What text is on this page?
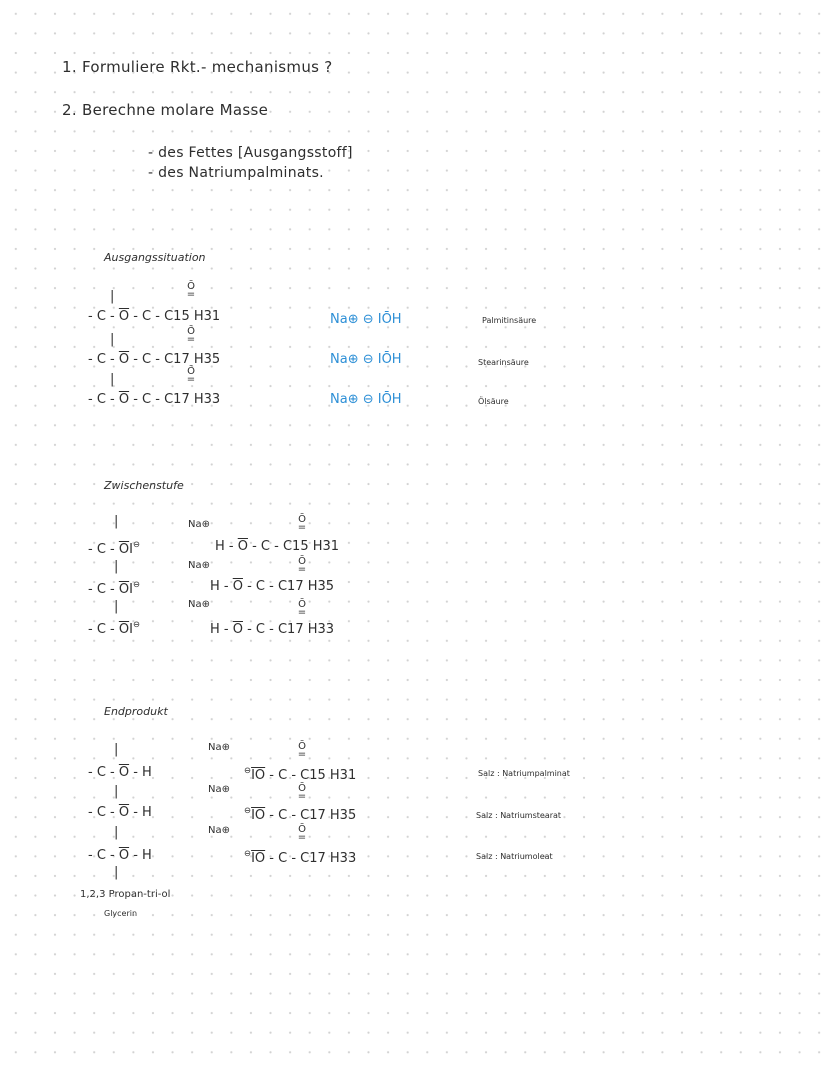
1. Formuliere Rkt.- mechanismus ?
2. Berechne molare Masse
- des Fettes [Ausgangsstoff]
- des Natriumpalminats.
Ausgangssituation
|
|
|
Ō
=
Ō
=
Ō
=
- C - $\overline{O}$ - C - C15 H31
- C - $\overline{O}$ - C - C17 H35
- C - $\overline{O}$ - C - C17 H33
Na⊕ ⊖ IŌH
Na⊕ ⊖ IŌH
Na⊕ ⊖ IŌH
Palmitinsäure
Stearinsäure
Ölsäure
Zwischenstufe
|
|
|
Ō
=
Ō
=
Ō
=
Na⊕
Na⊕
Na⊕
- C - $\overline{O}I^⊖$
- C - $\overline{O}I^⊖$
- C - $\overline{O}I^⊖$
H - $\overline{O}$ - C - C15 H31
H - $\overline{O}$ - C - C17 H35
H - $\overline{O}$ - C - C17 H33
Endprodukt
|
|
|
|
Ō
=
Ō
=
Ō
=
Na⊕
Na⊕
Na⊕
- C - $\overline{O}$ - H
- C - $\overline{O}$ - H
- C - $\overline{O}$ - H
$^⊖\overline{IO}$ - C - C15 H31
$^⊖\overline{IO}$ - C - C17 H35
$^⊖\overline{IO}$ - C - C17 H33
Salz : Natriumpalminat
Salz : Natriumstearat
Salz : Natriumoleat
1,2,3 Propan-tri-ol
Glycerin
